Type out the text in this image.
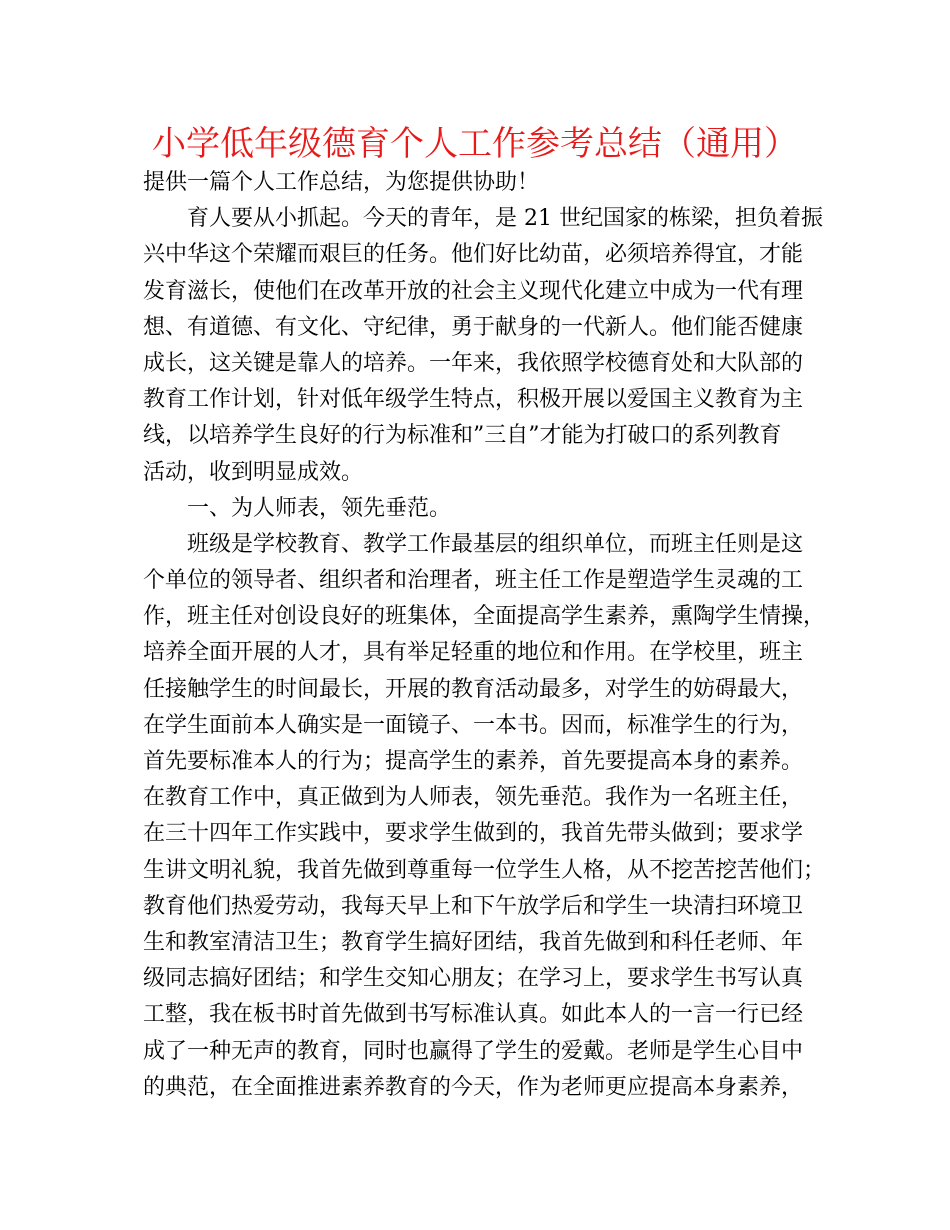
小学低年级德育个人工作参考总结（通用）
提供一篇个人工作总结，为您提供协助！
育人要从小抓起。今天的青年，是 21 世纪国家的栋梁，担负着振
兴中华这个荣耀而艰巨的任务。他们好比幼苗，必须培养得宜，才能
发育滋长，使他们在改革开放的社会主义现代化建立中成为一代有理
想、有道德、有文化、守纪律，勇于献身的一代新人。他们能否健康
成长，这关键是靠人的培养。一年来，我依照学校德育处和大队部的
教育工作计划，针对低年级学生特点，积极开展以爱国主义教育为主
线，以培养学生良好的行为标准和”三自”才能为打破口的系列教育
活动，收到明显成效。
一、为人师表，领先垂范。
班级是学校教育、教学工作最基层的组织单位，而班主任则是这
个单位的领导者、组织者和治理者，班主任工作是塑造学生灵魂的工
作，班主任对创设良好的班集体，全面提高学生素养，熏陶学生情操，
培养全面开展的人才，具有举足轻重的地位和作用。在学校里，班主
任接触学生的时间最长，开展的教育活动最多，对学生的妨碍最大，
在学生面前本人确实是一面镜子、一本书。因而，标准学生的行为，
首先要标准本人的行为；提高学生的素养，首先要提高本身的素养。
在教育工作中，真正做到为人师表，领先垂范。我作为一名班主任，
在三十四年工作实践中，要求学生做到的，我首先带头做到；要求学
生讲文明礼貌，我首先做到尊重每一位学生人格，从不挖苦挖苦他们；
教育他们热爱劳动，我每天早上和下午放学后和学生一块清扫环境卫
生和教室清洁卫生；教育学生搞好团结，我首先做到和科任老师、年
级同志搞好团结；和学生交知心朋友；在学习上，要求学生书写认真
工整，我在板书时首先做到书写标准认真。如此本人的一言一行已经
成了一种无声的教育，同时也赢得了学生的爱戴。老师是学生心目中
的典范，在全面推进素养教育的今天，作为老师更应提高本身素养，
